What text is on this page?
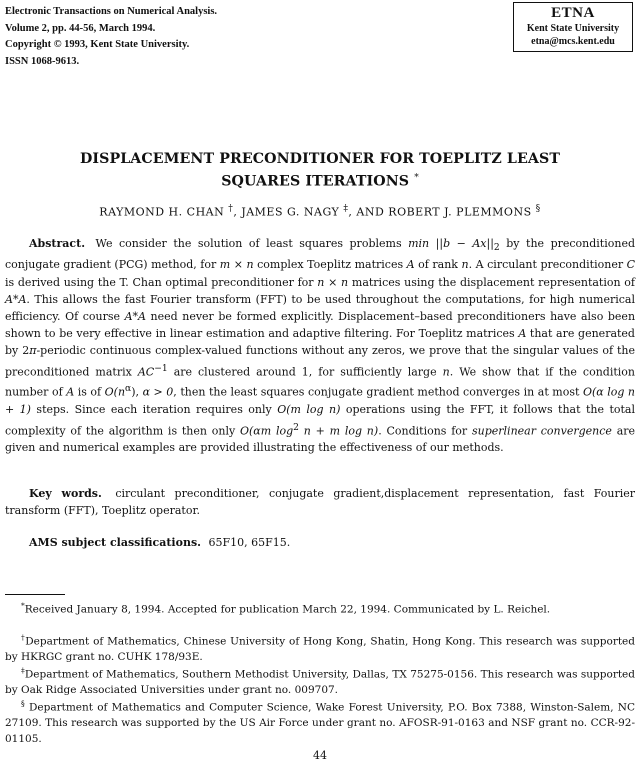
Electronic Transactions on Numerical Analysis.
Volume 2, pp. 44-56, March 1994.
Copyright © 1993, Kent State University.
ISSN 1068-9613.
ETNA
Kent State University
etna@mcs.kent.edu
DISPLACEMENT PRECONDITIONER FOR TOEPLITZ LEAST
SQUARES ITERATIONS *
RAYMOND H. CHAN †, JAMES G. NAGY ‡, AND ROBERT J. PLEMMONS §
Abstract. We consider the solution of least squares problems $\min ||b - Ax||_2$ by the preconditioned conjugate gradient (PCG) method, for m × n complex Toeplitz matrices A of rank n. A circulant preconditioner C is derived using the T. Chan optimal preconditioner for n × n matrices using the displacement representation of A*A. This allows the fast Fourier transform (FFT) to be used throughout the computations, for high numerical efficiency. Of course A*A need never be formed explicitly. Displacement–based preconditioners have also been shown to be very effective in linear estimation and adaptive filtering. For Toeplitz matrices A that are generated by 2π-periodic continuous complex-valued functions without any zeros, we prove that the singular values of the preconditioned matrix $AC^{-1}$ are clustered around 1, for sufficiently large n. We show that if the condition number of A is of $O(n^\alpha)$, α > 0, then the least squares conjugate gradient method converges in at most O(α log n + 1) steps. Since each iteration requires only O(m log n) operations using the FFT, it follows that the total complexity of the algorithm is then only O(αm $\log^2 n + m$ log n). Conditions for superlinear convergence are given and numerical examples are provided illustrating the effectiveness of our methods.
Key words. circulant preconditioner, conjugate gradient,displacement representation, fast Fourier transform (FFT), Toeplitz operator.
AMS subject classifications. 65F10, 65F15.
*Received January 8, 1994. Accepted for publication March 22, 1994. Communicated by L. Reichel.
†Department of Mathematics, Chinese University of Hong Kong, Shatin, Hong Kong. This research was supported by HKRGC grant no. CUHK 178/93E.
‡Department of Mathematics, Southern Methodist University, Dallas, TX 75275-0156. This research was supported by Oak Ridge Associated Universities under grant no. 009707.
§ Department of Mathematics and Computer Science, Wake Forest University, P.O. Box 7388, Winston-Salem, NC 27109. This research was supported by the US Air Force under grant no. AFOSR-91-0163 and NSF grant no. CCR-92-01105.
44
